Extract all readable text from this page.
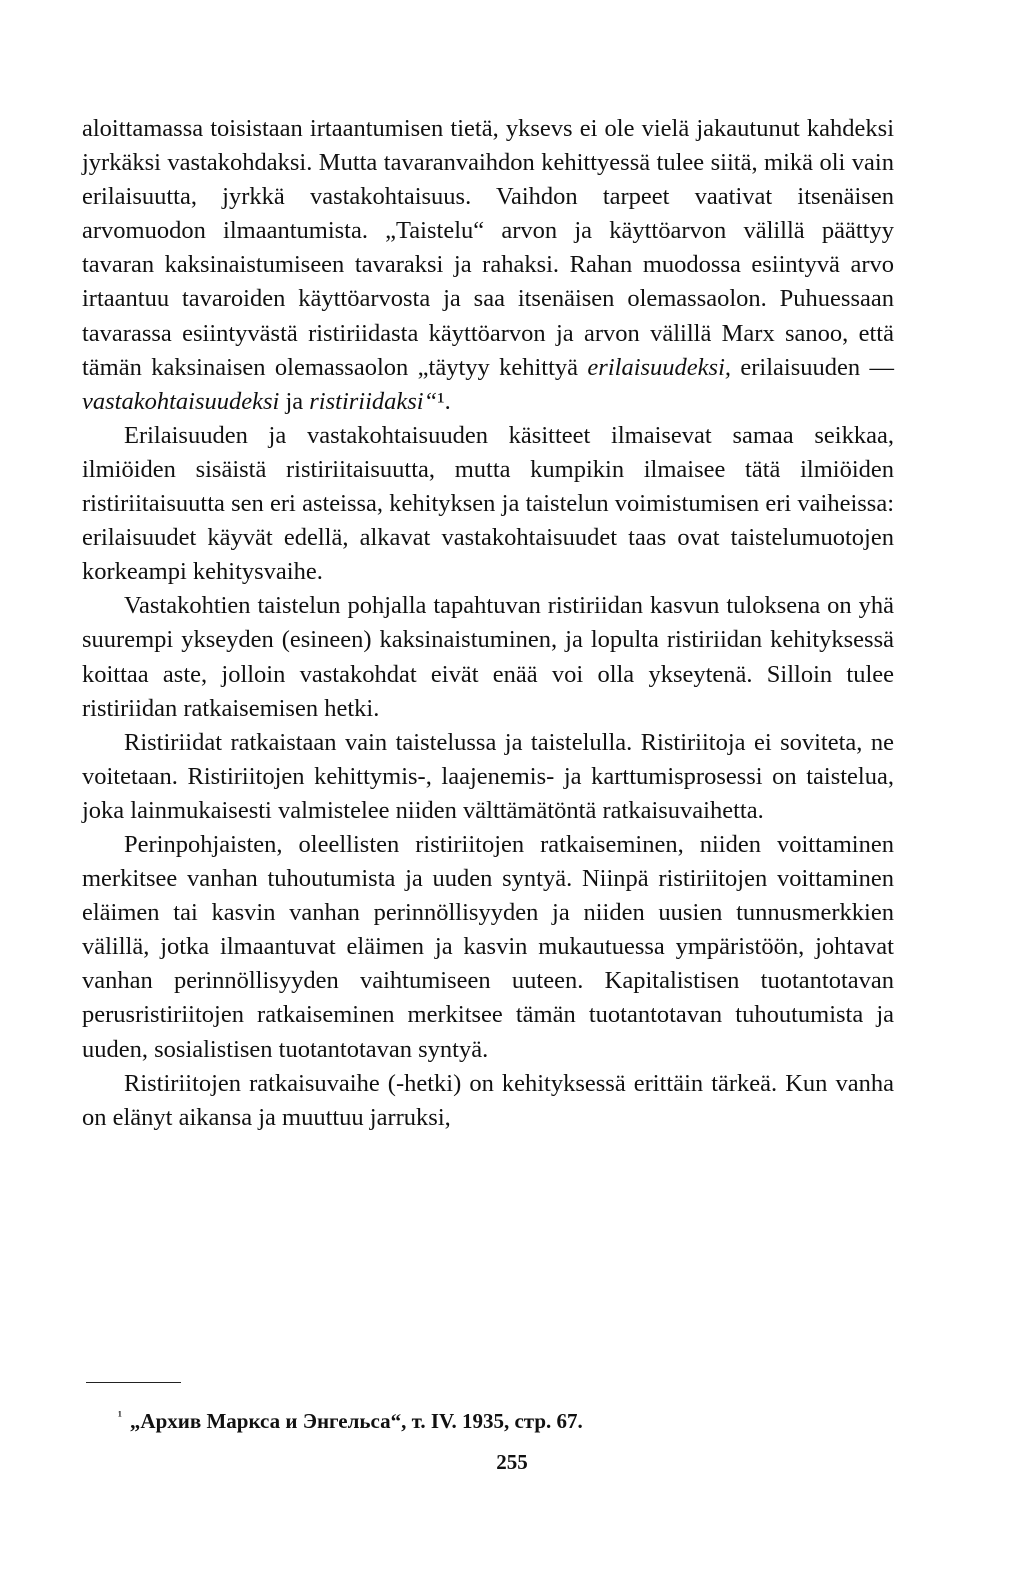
aloittamassa toisistaan irtaantumisen tietä, yksevs ei ole vielä jakautunut kahdeksi jyrkäksi vastakohdaksi. Mutta tavaranvaihdon kehittyessä tulee siitä, mikä oli vain erilaisuutta, jyrkkä vastakohtaisuus. Vaihdon tarpeet vaativat itsenäisen arvomuodon ilmaantumista. „Taistelu“ arvon ja käyttöarvon välillä päättyy tavaran kaksinaistumiseen tavaraksi ja rahaksi. Rahan muodossa esiintyvä arvo irtaantuu tavaroiden käyttöarvosta ja saa itsenäisen olemassaolon. Puhuessaan tavarassa esiintyvästä ristiriidasta käyttöarvon ja arvon välillä Marx sanoo, että tämän kaksinaisen olemassaolon „täytyy kehittyä erilaisuudeksi, erilaisuuden — vastakohtaisuudeksi ja ristiriidaksi“¹.

Erilaisuuden ja vastakohtaisuuden käsitteet ilmaisevat samaa seikkaa, ilmiöiden sisäistä ristiriitaisuutta, mutta kumpikin ilmaisee tätä ilmiöiden ristiriitaisuutta sen eri asteissa, kehityksen ja taistelun voimistumisen eri vaiheissa: erilaisuudet käyvät edellä, alkavat vastakohtaisuudet taas ovat taistelumuotojen korkeampi kehitysvaihe.

Vastakohtien taistelun pohjalla tapahtuvan ristiriidan kasvun tuloksena on yhä suurempi ykseyden (esineen) kaksinaistuminen, ja lopulta ristiriidan kehityksessä koittaa aste, jolloin vastakohdat eivät enää voi olla ykseytenä. Silloin tulee ristiriidan ratkaisemisen hetki.

Ristiriidat ratkaistaan vain taistelussa ja taistelulla. Ristiriitoja ei soviteta, ne voitetaan. Ristiriitojen kehittymis-, laajenemis- ja karttumisprosessi on taistelua, joka lainmukaisesti valmistelee niiden välttämätöntä ratkaisuvaihetta.

Perinpohjaisten, oleellisten ristiriitojen ratkaiseminen, niiden voittaminen merkitsee vanhan tuhoutumista ja uuden syntyä. Niinpä ristiriitojen voittaminen eläimen tai kasvin vanhan perinnöllisyyden ja niiden uusien tunnusmerkkien välillä, jotka ilmaantuvat eläimen ja kasvin mukautuessa ympäristöön, johtavat vanhan perinnöllisyyden vaihtumiseen uuteen. Kapitalistisen tuotantotavan perusristiriitojen ratkaiseminen merkitsee tämän tuotantotavan tuhoutumista ja uuden, sosialistisen tuotantotavan syntyä.

Ristiriitojen ratkaisuvaihe (-hetki) on kehityksessä erittäin tärkeä. Kun vanha on elänyt aikansa ja muuttuu jarruksi,

$^{^1}$ „Архив Маркса и Энгельса“, т. IV. 1935, стр. 67.
255
